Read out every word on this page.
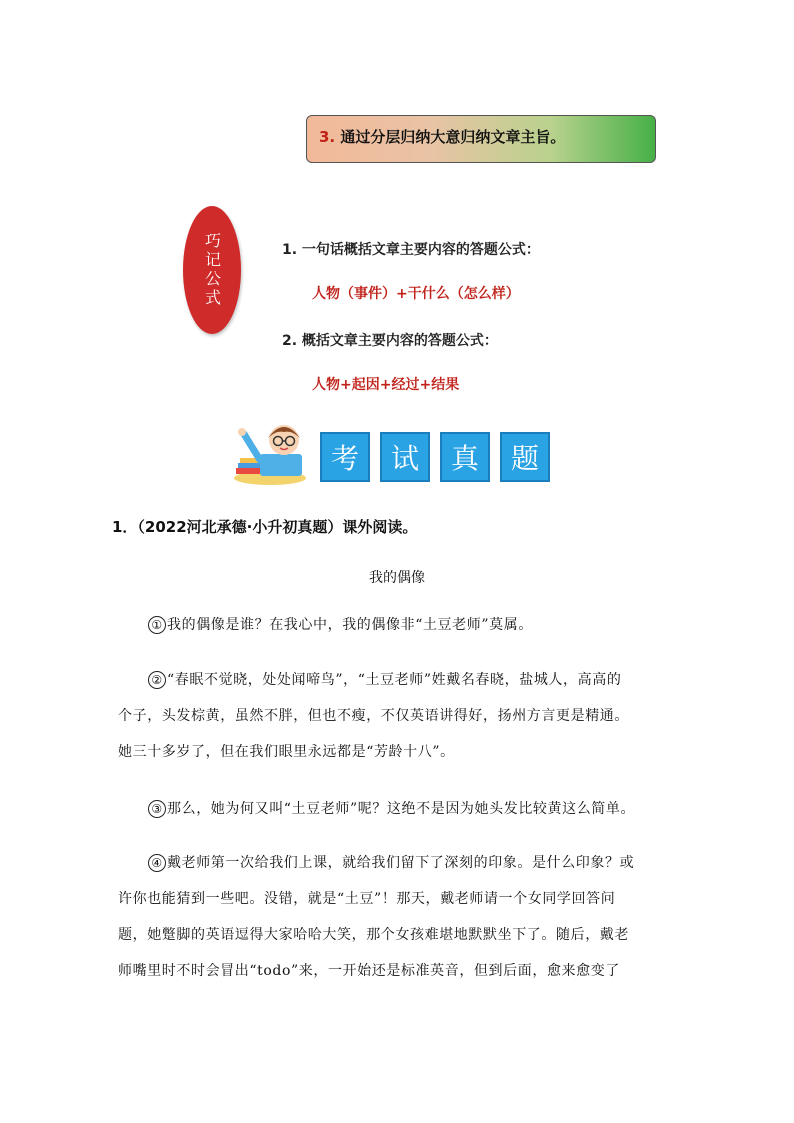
3. 通过分层归纳大意归纳文章主旨。
巧记公式	1. 一句话概括文章主要内容的答题公式：
人物（事件）+干什么（怎么样）
2. 概括文章主要内容的答题公式：
人物+起因+经过+结果
考	试	真	题
1．（2022河北承德·小升初真题）课外阅读。
我的偶像
① 我的偶像是谁？在我心中，我的偶像非“土豆老师”莫属。
② “春眠不觉晓，处处闻啼鸟”，“土豆老师”姓戴名春晓，盐城人，高高的
个子，头发棕黄，虽然不胖，但也不瘦，不仅英语讲得好，扬州方言更是精通。
她三十多岁了，但在我们眼里永远都是“芳龄十八”。
③ 那么，她为何又叫“土豆老师”呢？这绝不是因为她头发比较黄这么简单。
④ 戴老师第一次给我们上课，就给我们留下了深刻的印象。是什么印象？或
许你也能猜到一些吧。没错，就是“土豆”！那天，戴老师请一个女同学回答问
题，她蹩脚的英语逗得大家哈哈大笑，那个女孩难堪地默默坐下了。随后，戴老
师嘴里时不时会冒出“todo”来，一开始还是标准英音，但到后面，愈来愈变了
